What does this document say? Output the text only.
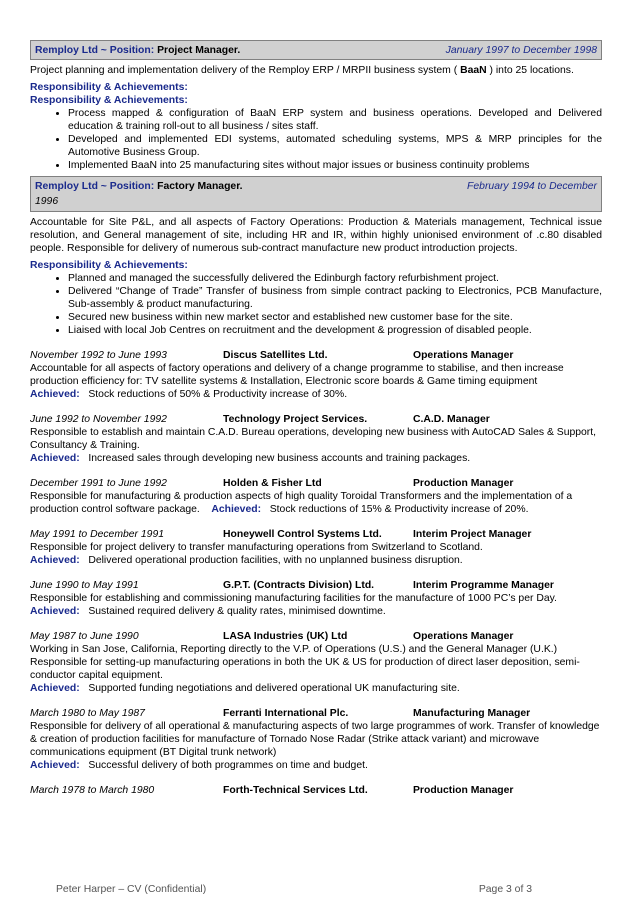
Remploy Ltd ~ Position: Project Manager.	January 1997 to December 1998

Project planning and implementation delivery of the Remploy ERP / MRPII business system ( BaaN ) into 25 locations.

Responsibility & Achievements:

Responsibility & Achievements:

• Process mapped & configuration of BaaN ERP system and business operations. Developed and Delivered education & training roll-out to all business / sites staff.
• Developed and implemented EDI systems, automated scheduling systems, MPS & MRP principles for the Automotive Business Group.
• Implemented BaaN into 25 manufacturing sites without major issues or business continuity problems
Remploy Ltd ~ Position: Factory Manager.	February 1994 to December
1996

Accountable for Site P&L, and all aspects of Factory Operations: Production & Materials management, Technical issue resolution, and General management of site, including HR and IR, within highly unionised environment of .c.80 disabled people. Responsible for delivery of numerous sub-contract manufacture new product introduction projects.

Responsibility & Achievements:

• Planned and managed the successfully delivered the Edinburgh factory refurbishment project.
• Delivered “Change of Trade” Transfer of business from simple contract packing to Electronics, PCB Manufacture, Sub-assembly & product manufacturing.
• Secured new business within new market sector and established new customer base for the site.
• Liaised with local Job Centres on recruitment and the development & progression of disabled people.
November 1992 to June 1993	Discus Satellites Ltd.	Operations Manager

Accountable for all aspects of factory operations and delivery of a change programme to stabilise, and then increase production efficiency for: TV satellite systems & Installation, Electronic score boards & Game timing equipment

Achieved: Stock reductions of 50% & Productivity increase of 30%.

June 1992 to November 1992	Technology Project Services.	C.A.D. Manager

Responsible to establish and maintain C.A.D. Bureau operations, developing new business with AutoCAD Sales & Support, Consultancy & Training.

Achieved: Increased sales through developing new business accounts and training packages.

December 1991 to June 1992	Holden & Fisher Ltd	Production Manager

Responsible for manufacturing & production aspects of high quality Toroidal Transformers and the implementation of a production control software package. Achieved: Stock reductions of 15% & Productivity increase of 20%.

May 1991 to December 1991	Honeywell Control Systems Ltd.	Interim Project Manager

Responsible for project delivery to transfer manufacturing operations from Switzerland to Scotland.

Achieved: Delivered operational production facilities, with no unplanned business disruption.

June 1990 to May 1991	G.P.T. (Contracts Division) Ltd.	Interim Programme Manager

Responsible for establishing and commissioning manufacturing facilities for the manufacture of 1000 PC’s per Day.

Achieved: Sustained required delivery & quality rates, minimised downtime.

May 1987 to June 1990	LASA Industries (UK) Ltd	Operations Manager

Working in San Jose, California, Reporting directly to the V.P. of Operations (U.S.) and the General Manager (U.K.) Responsible for setting-up manufacturing operations in both the UK & US for production of direct laser deposition, semi-conductor capital equipment.

Achieved: Supported funding negotiations and delivered operational UK manufacturing site.

March 1980 to May 1987	Ferranti International Plc.	Manufacturing Manager

Responsible for delivery of all operational & manufacturing aspects of two large programmes of work. Transfer of knowledge & creation of production facilities for manufacture of Tornado Nose Radar (Strike attack variant) and microwave communications equipment (BT Digital trunk network)

Achieved: Successful delivery of both programmes on time and budget.

March 1978 to March 1980	Forth-Technical Services Ltd.	Production Manager
Peter Harper – CV (Confidential)	Page 3 of 3
